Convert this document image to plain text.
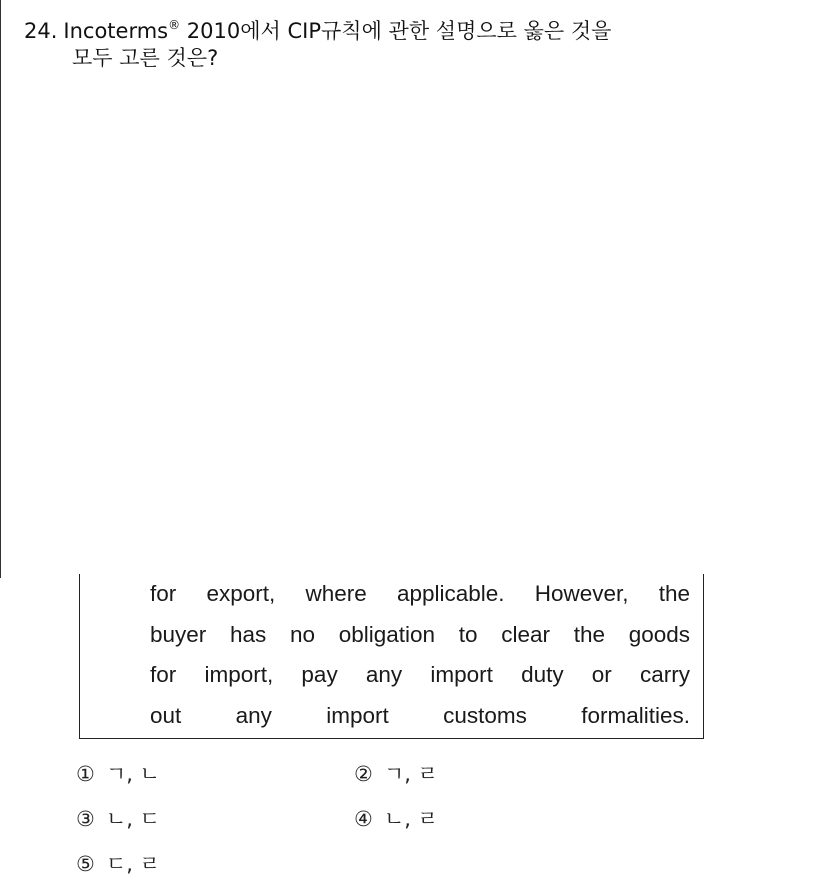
24. Incoterms® 2010에서 CIP규칙에 관한 설명으로 옳은 것을
모두 고른 것은?
for export, where applicable. However, the
buyer has no obligation to clear the goods
for import, pay any import duty or carry
out any import customs formalities.
① ㄱ, ㄴ	② ㄱ, ㄹ
③ ㄴ, ㄷ	④ ㄴ, ㄹ
⑤ ㄷ, ㄹ
